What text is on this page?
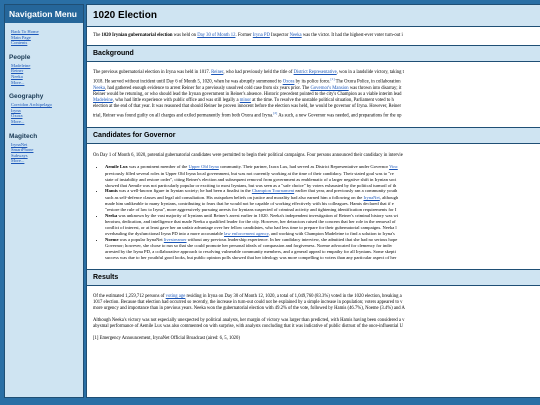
Navigation Menu
Back To Home
Main Page
Contents
People
Madeleine
Reiner
Neeka
More...
Geography
Corvidon Archipelago
Iryna
Oxora
More...
Magitech
IrynaNet
SmartPhone
Subways
More...
1020 Election
The 1020 Irynian gubernatorial election was held on Day 30 of Month 12. Former Iryna PD Inspector Neeka was the victor. It had the highest-ever voter turn-out i
Background
The previous gubernatorial election in Iryna was held in 1017. Reiner, who had previously held the title of District Representative, won in a landslide victory, taking t
1018. He served without incident until Day 6 of Month 5, 1020, when he was abruptly summoned to Oxora by its police force.[1] The Oxora Police, in collaboration
Neeka, had gathered enough evidence to arrest Reiner for a previously unsolved cold case from six years prior. The Governor's Mansion was thrown into disarray; it
Reiner would be returning, or who should lead the Irynan government in Reiner's absence. Historic precedent pointed to the city's Champion as a viable interim lead
Madeleine, who had little experience with public office and was still legally a minor at the time. To resolve the unstable political situation, Parliament voted to h
election at the end of that year. It was reasoned that should Reiner be proven innocent before the election was held, he would be governor of Iryna. However, Reiner
trial, Reiner was found guilty on all charges and exiled permanently from both Oxora and Iryna.[2] As such, a new Governor was needed, and preparations for the up
Candidates for Governor
On Day 1 of Month 6, 1020, potential gubernatorial candidates were permitted to begin their political campaigns. Four persons announced their candidacy in intervie
• Aemile Lux was a prominent member of the Upper Old Iryna community. Their partner, Ixora Lux, had served as District Representative under Governor Vinc
previously filled several roles in Upper Old Iryna local government, but was not currently working at the time of their candidacy. Their stated goal was to "re
state of instability and restore order", citing Reiner's election and subsequent removal from government as emblematic of a larger negative shift in Irynian soci
showed that Aemile was not particularly popular or exciting to most Irynians, but was seen as a "safe choice" by voters exhausted by the political turmoil of th
• Hamis was a well-known figure in Irynian society; he had been a finalist in the Champion Tournament earlier that year, and previously ran a community youth
such as self-defence classes and legal aid consultation. His outspoken beliefs on justice and morality had also earned him a following on the IrynaNet, although
made him unlikeable to many Irynians, contributing to fears that he would not be capable of working effectively with his colleagues. Hamis declared that if e
"restore the rule of law to Iryna", more aggressively pursuing arrests for Irynians suspected of criminal activity and tightening identification requirements for I
• Neeka was unknown by the vast majority of Irynians until Reiner's arrest earlier in 1020. Neeka's independent investigation of Reiner's criminal history was wi
heroism, dedication, and intelligence that made Neeka a qualified leader for the city. However, her detractors raised the concern that her role in the removal of
conflict of interest, or at least gave her an unfair advantage over her fellow candidates, who had less time to prepare for their gubernatorial campaigns. Neeka l
overhauling the dysfunctional Iryna PD into a more accountable law enforcement agency, and working with Champion Madeleine to find a solution to Iryna's
• Noeme was a popular IrynaNet livestreamer without any previous leadership experience. In her candidacy interview, she admitted that she had no serious hope
Governor; however, she chose to run so that she could promote her personal ideals of compassion and forgiveness. Noeme advocated for clemency for indiv
arrested by the Iryna PD, a collaborative approach to resolving vulnerable community members, and a general appeal to empathy for all Irynians. Some skepti
success was due to her youthful good looks, but public opinion polls showed that her ideology was more compelling to voters than any particular aspect of her
Results
Of the estimated 1,259,712 persons of voting age residing in Iryna on Day 30 of Month 12, 1020, a total of 1,049,760 (83.3%) voted in the 1020 election, breaking a
1017 election. Because that election had occurred so recently, the increase in turn-out could not be explained by a simple increase in population; voters appeared to v
more urgency and importance than in previous years. Neeka won the gubernatorial election with 49.2% of the vote, followed by Hamis (46.7%), Noeme (3.4%) and A
Although Neeka's victory was not especially unexpected by political analysts, her margin of victory was larger than predicted, with Hamis having been considered a v
abysmal performance of Aemile Lux was also commented on with surprise, with analysts concluding that it was indicative of public distrust of the once-influential U
[1] Emergency Announcement, IrynaNet Official Broadcast (aired: 6, 5, 1020)
